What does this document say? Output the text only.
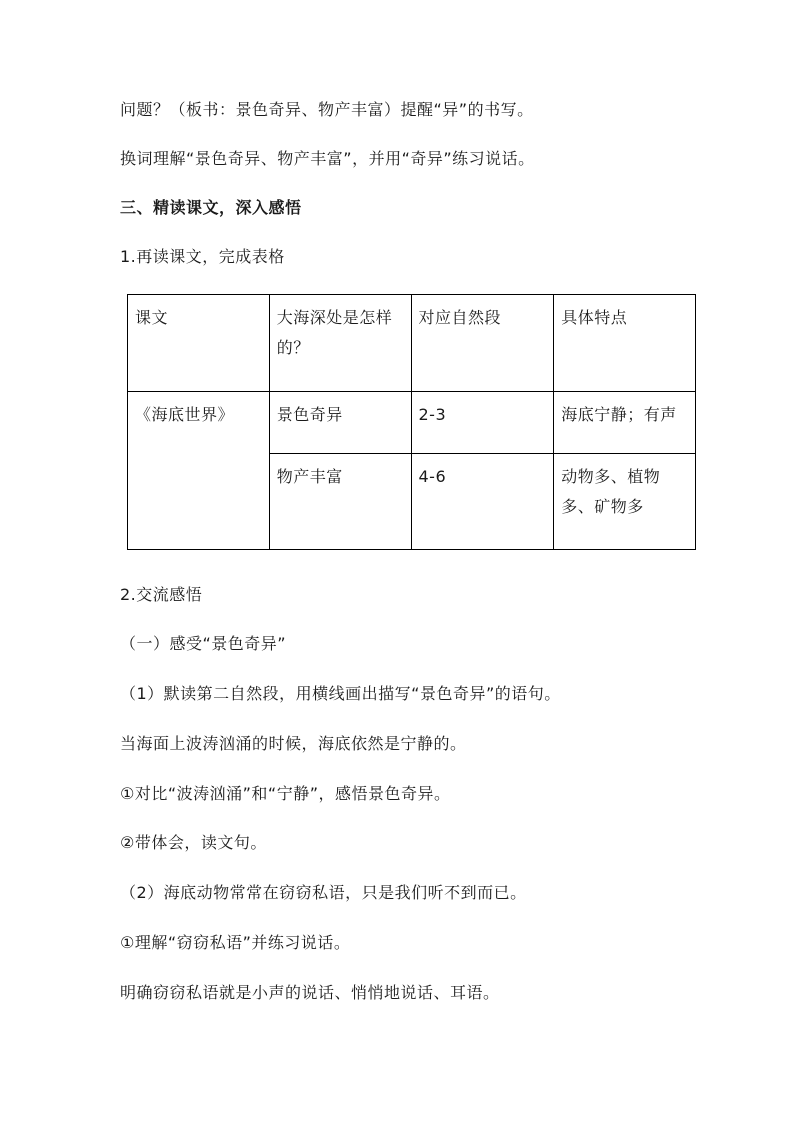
问题？（板书：景色奇异、物产丰富）提醒“异”的书写。
换词理解“景色奇异、物产丰富”，并用“奇异”练习说话。
三、精读课文，深入感悟
1.再读课文，完成表格
课文	大海深处是怎样的？	对应自然段	具体特点
《海底世界》	景色奇异	2-3	海底宁静；有声
	物产丰富	4-6	动物多、植物多、矿物多
2.交流感悟
（一）感受“景色奇异”
（1）默读第二自然段，用横线画出描写“景色奇异”的语句。
当海面上波涛汹涌的时候，海底依然是宁静的。
①对比“波涛汹涌”和“宁静”，感悟景色奇异。
②带体会，读文句。
（2）海底动物常常在窃窃私语，只是我们听不到而已。
①理解“窃窃私语”并练习说话。
明确窃窃私语就是小声的说话、悄悄地说话、耳语。
